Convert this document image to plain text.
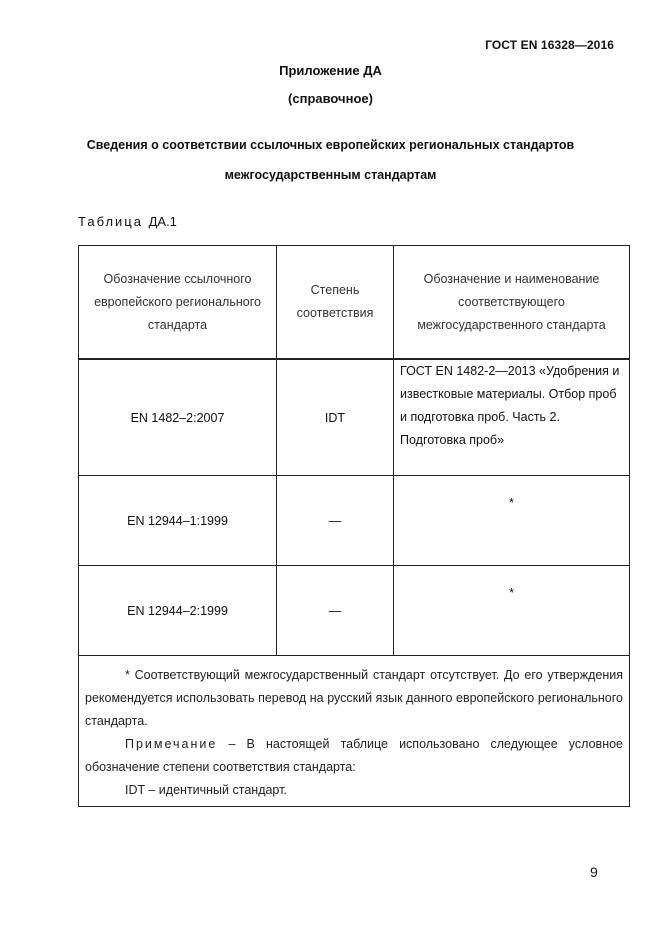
ГОСТ EN 16328—2016
Приложение ДА
(справочное)
Сведения о соответствии ссылочных европейских региональных стандартов
межгосударственным стандартам
Таблица ДА.1
Обозначение ссылочного европейского регионального стандарта	Степень соответствия	Обозначение и наименование соответствующего межгосударственного стандарта
EN 1482–2:2007	IDT	ГОСТ EN 1482-2—2013 «Удобрения и известковые материалы. Отбор проб и подготовка проб. Часть 2. Подготовка проб»
EN 12944–1:1999	—	*
EN 12944–2:1999	—	*

* Соответствующий межгосударственный стандарт отсутствует. До его утверждения рекомендуется использовать перевод на русский язык данного европейского регионального стандарта.

Примечание – В настоящей таблице использовано следующее условное обозначение степени соответствия стандарта:

IDT – идентичный стандарт.		

9
